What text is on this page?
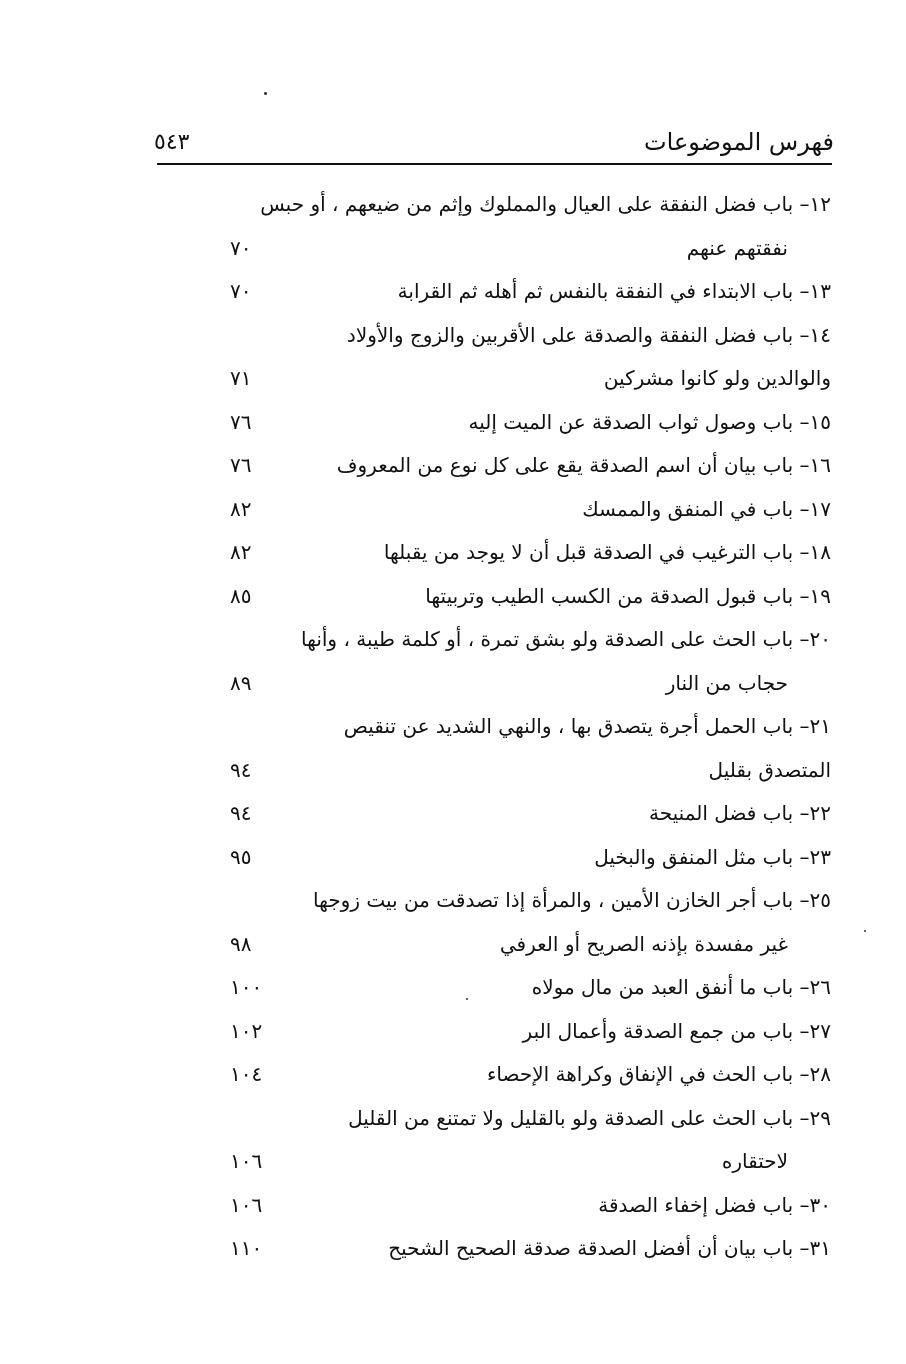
فهرس الموضوعات
٥٤٣
١٢– باب فضل النفقة على العيال والمملوك وإثم من ضيعهم ، أو حبس
نفقتهم عنهم
٧٠
١٣– باب الابتداء في النفقة بالنفس ثم أهله ثم القرابة
٧٠
١٤– باب فضل النفقة والصدقة على الأقربين والزوج والأولاد
والوالدين ولو كانوا مشركين
٧١
١٥– باب وصول ثواب الصدقة عن الميت إليه
٧٦
١٦– باب بيان أن اسم الصدقة يقع على كل نوع من المعروف
٧٦
١٧– باب في المنفق والممسك
٨٢
١٨– باب الترغيب في الصدقة قبل أن لا يوجد من يقبلها
٨٢
١٩– باب قبول الصدقة من الكسب الطيب وتربيتها
٨٥
٢٠– باب الحث على الصدقة ولو بشق تمرة ، أو كلمة طيبة ، وأنها
حجاب من النار
٨٩
٢١– باب الحمل أجرة يتصدق بها ، والنهي الشديد عن تنقيص
المتصدق بقليل
٩٤
٢٢– باب فضل المنيحة
٩٤
٢٣– باب مثل المنفق والبخيل
٩٥
٢٥– باب أجر الخازن الأمين ، والمرأة إذا تصدقت من بيت زوجها
غير مفسدة بإذنه الصريح أو العرفي
٩٨
٢٦– باب ما أنفق العبد من مال مولاه
١٠٠
٢٧– باب من جمع الصدقة وأعمال البر
١٠٢
٢٨– باب الحث في الإنفاق وكراهة الإحصاء
١٠٤
٢٩– باب الحث على الصدقة ولو بالقليل ولا تمتنع من القليل
لاحتقاره
١٠٦
٣٠– باب فضل إخفاء الصدقة
١٠٦
٣١– باب بيان أن أفضل الصدقة صدقة الصحيح الشحيح
١١٠
